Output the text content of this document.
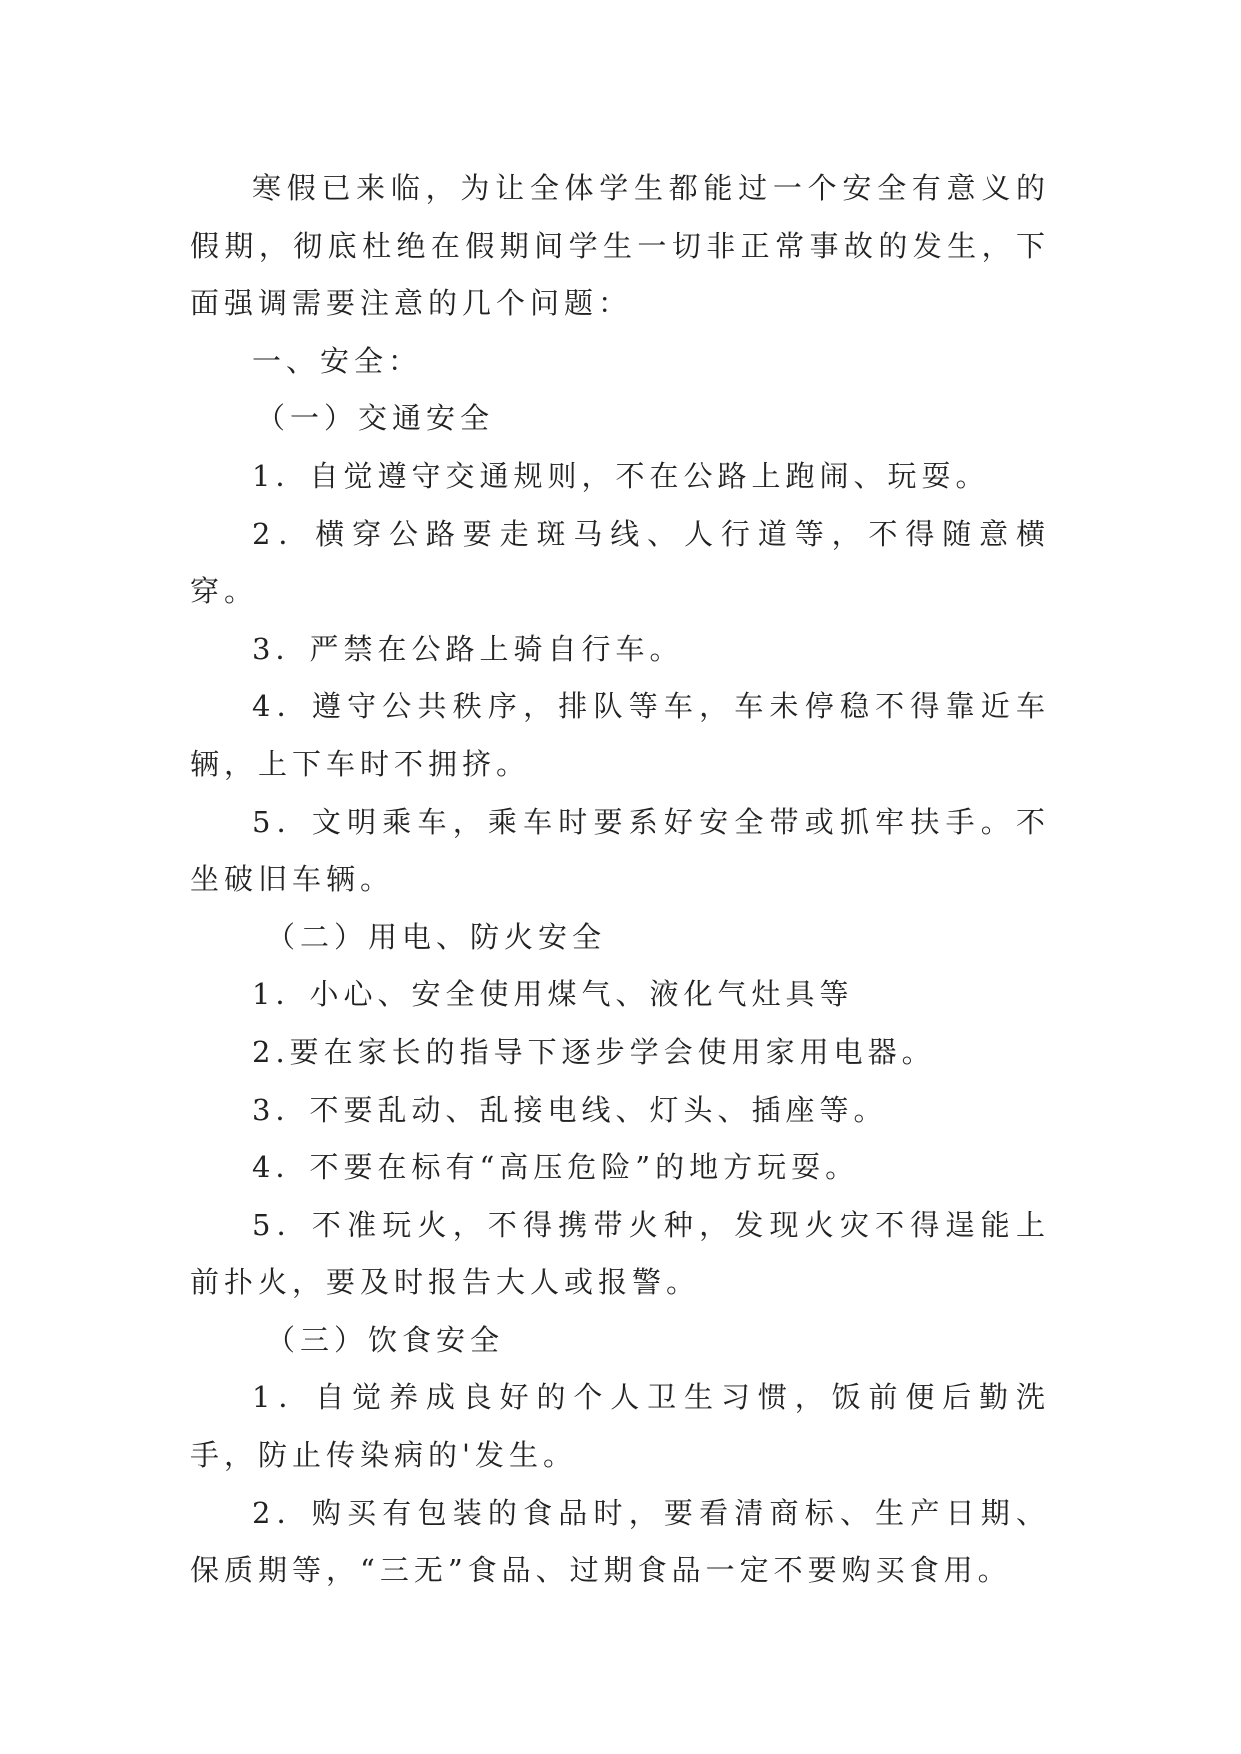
寒假已来临，为让全体学生都能过一个安全有意义的假期，彻底杜绝在假期间学生一切非正常事故的发生，下面强调需要注意的几个问题：

一、安全：

（一）交通安全

1．自觉遵守交通规则，不在公路上跑闹、玩耍。

2．横穿公路要走斑马线、人行道等，不得随意横穿。

3．严禁在公路上骑自行车。

4．遵守公共秩序，排队等车，车未停稳不得靠近车辆，上下车时不拥挤。

5．文明乘车，乘车时要系好安全带或抓牢扶手。不坐破旧车辆。

（二）用电、防火安全

1．小心、安全使用煤气、液化气灶具等

2.要在家长的指导下逐步学会使用家用电器。

3．不要乱动、乱接电线、灯头、插座等。

4．不要在标有“高压危险”的地方玩耍。

5．不准玩火，不得携带火种，发现火灾不得逞能上前扑火，要及时报告大人或报警。

（三）饮食安全

1．自觉养成良好的个人卫生习惯，饭前便后勤洗手，防止传染病的'发生。

2．购买有包装的食品时，要看清商标、生产日期、保质期等，“三无”食品、过期食品一定不要购买食用。
